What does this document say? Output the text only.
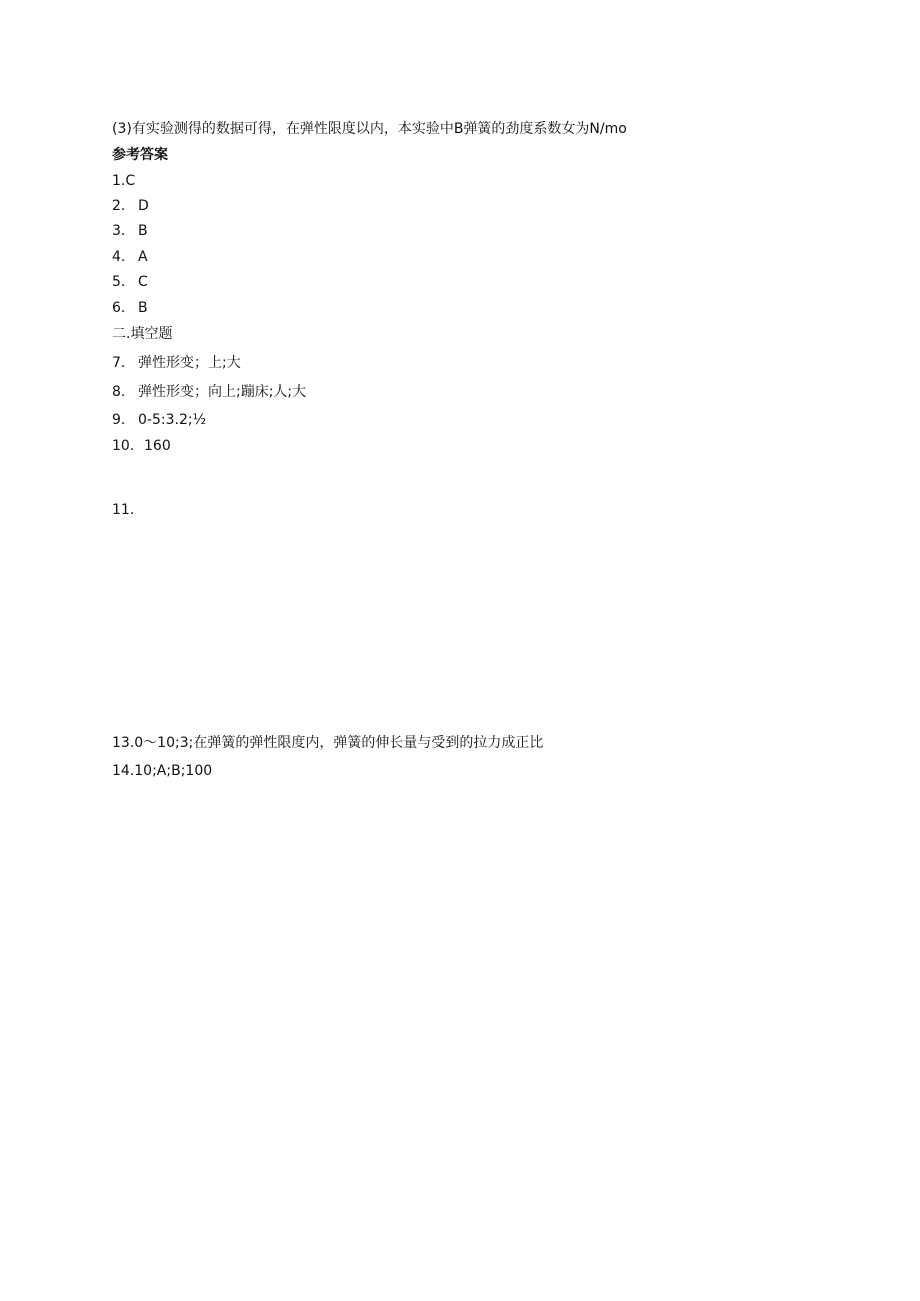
(3)有实验测得的数据可得，在弹性限度以内，本实验中B弹簧的劲度系数女为N/mo
参考答案
1.C
2. D
3. B
4. A
5. C
6. B
二.填空题
7. 弹性形变；上;大
8. 弹性形变；向上;蹦床;人;大
9. 0-5:3.2;½
10. 160
11.
13.0～10;3;在弹簧的弹性限度内，弹簧的伸长量与受到的拉力成正比
14.10;A;B;100
